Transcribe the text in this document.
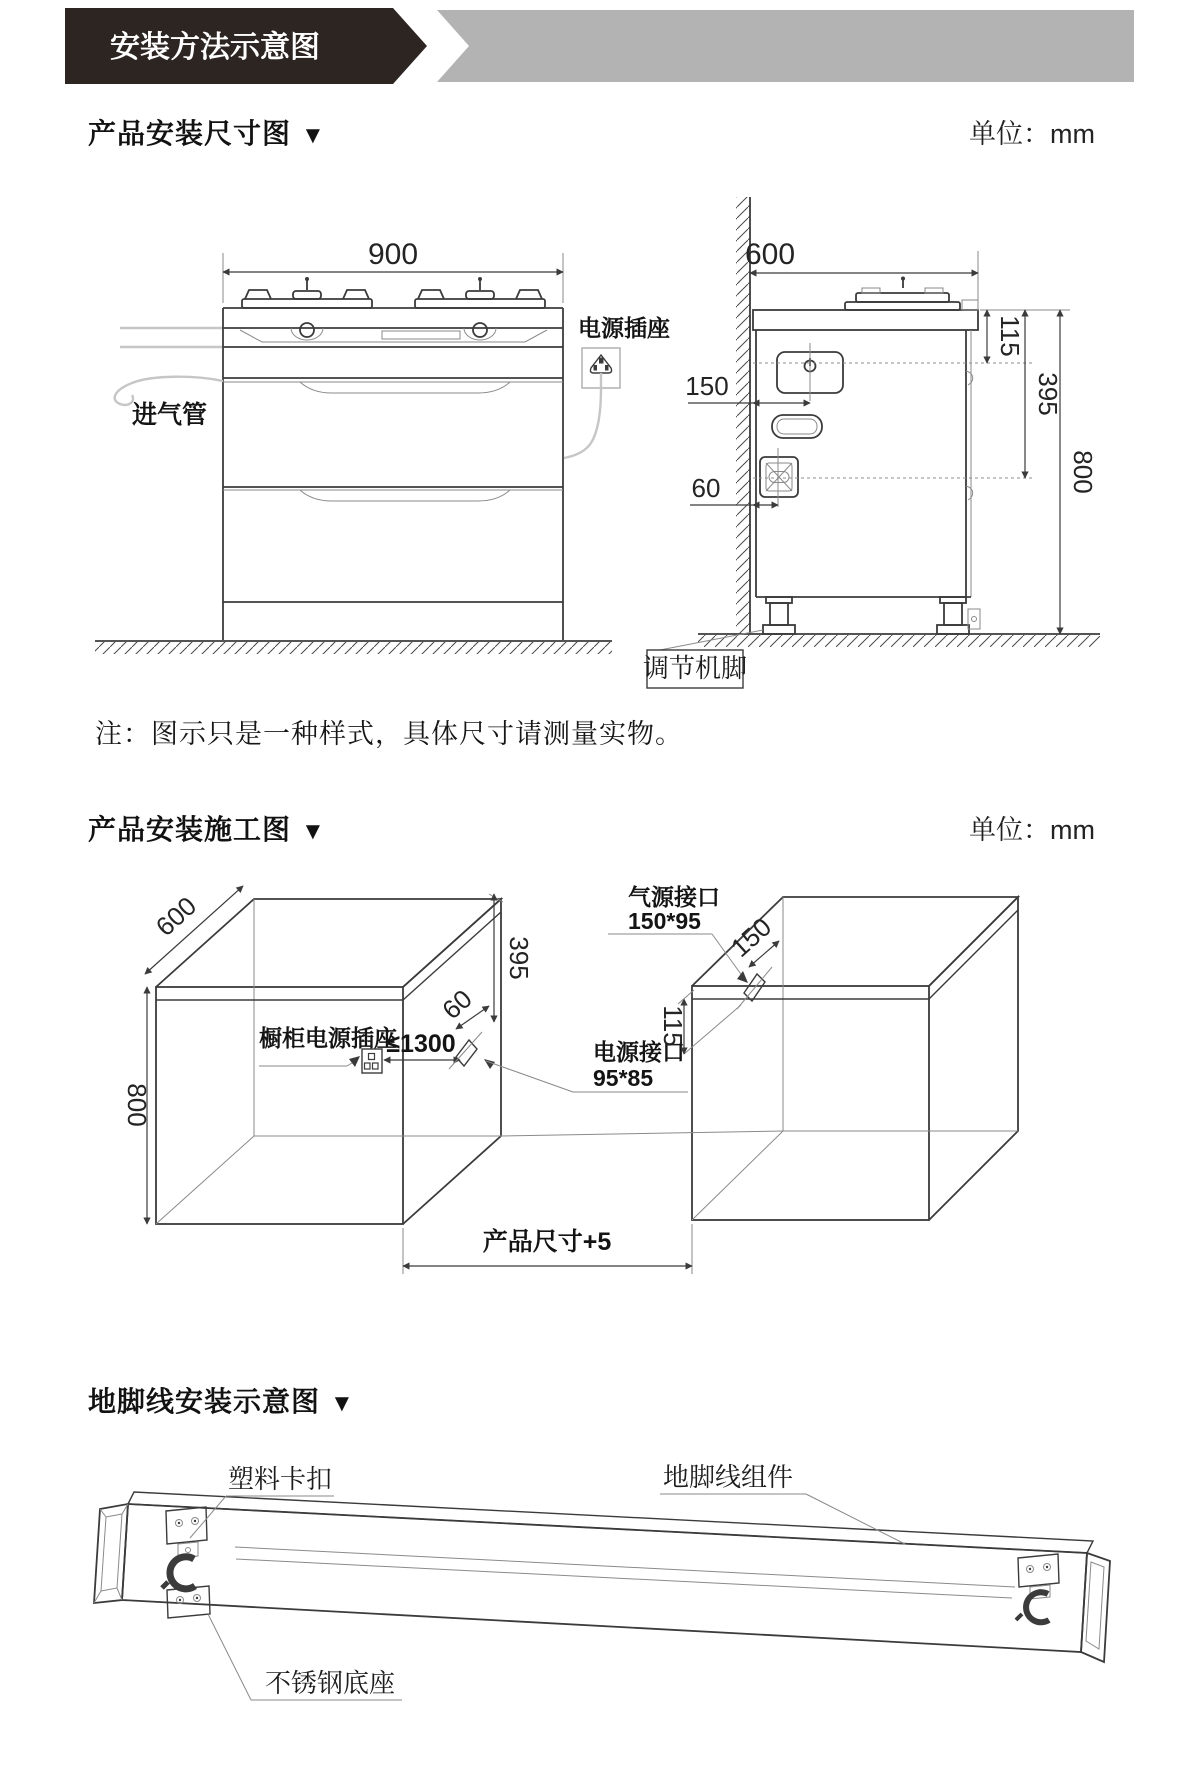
安装方法示意图
产品安装尺寸图 ▼	单位：mm
900
进气管
电源插座
600
150
60
115
395
800
调节机脚
注：图示只是一种样式，具体尺寸请测量实物。
产品安装施工图 ▼	单位：mm
600
800
395
60
橱柜电源插座
≤1300	电源接口
95*85
150
115
气源接口
150*95
产品尺寸+5
地脚线安装示意图 ▼
塑料卡扣	地脚线组件
不锈钢底座
